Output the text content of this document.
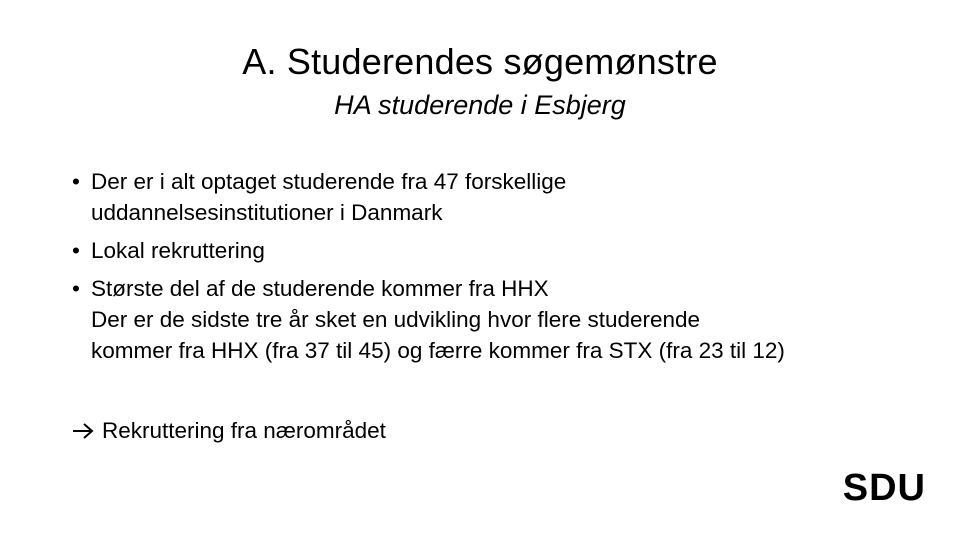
A. Studerendes søgemønstre
HA studerende i Esbjerg
• Der er i alt optaget studerende fra 47 forskellige
uddannelsesinstitutioner i Danmark
• Lokal rekruttering
• Største del af de studerende kommer fra HHX
Der er de sidste tre år sket en udvikling hvor flere studerende
kommer fra HHX (fra 37 til 45) og færre kommer fra STX (fra 23 til 12)
Rekruttering fra nærområdet
SDU
